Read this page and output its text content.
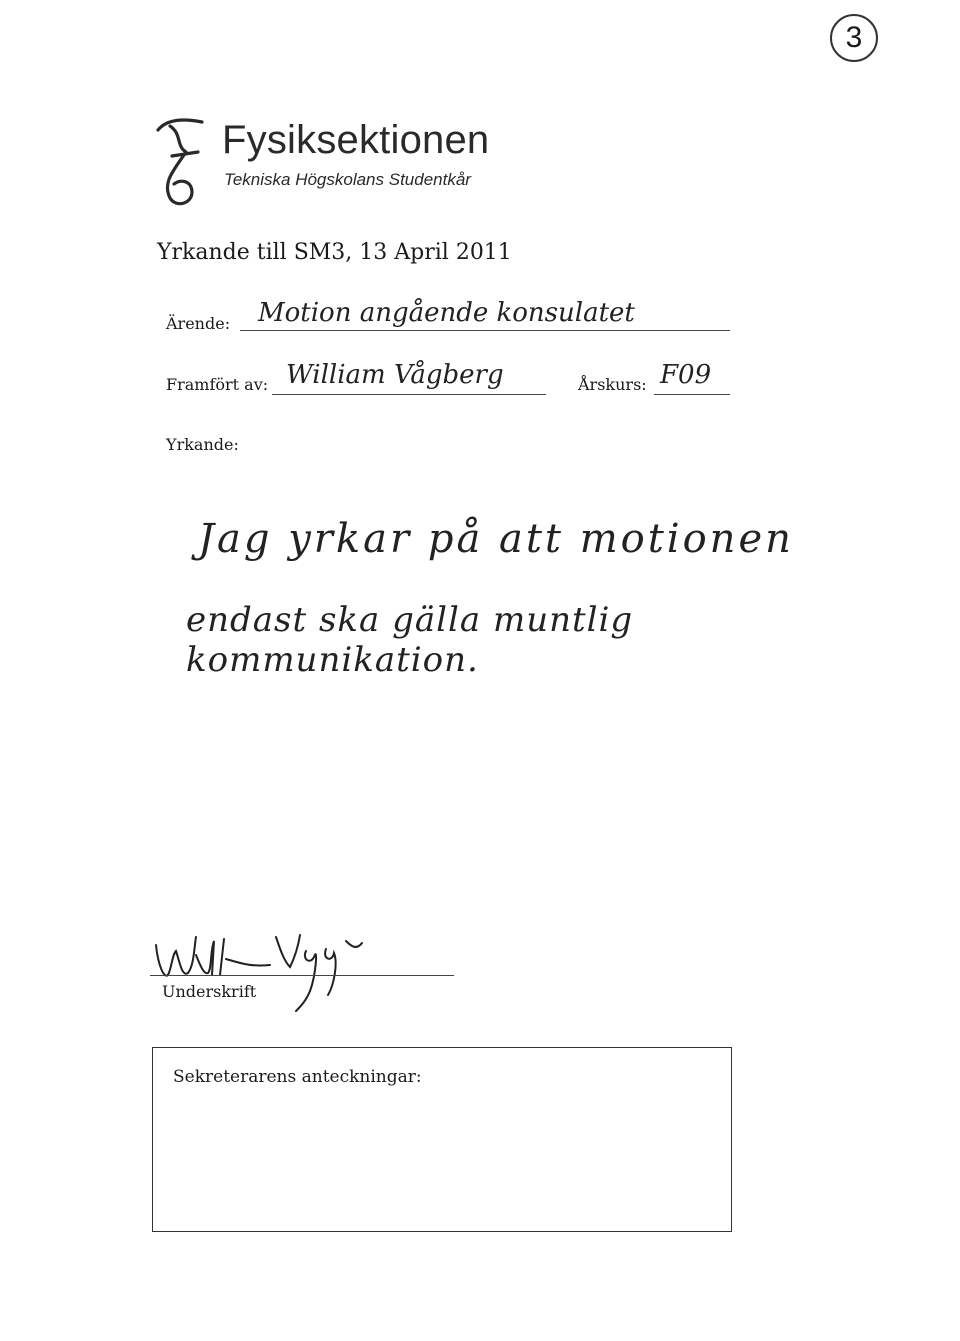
3
Fysiksektionen
Tekniska Högskolans Studentkår
Yrkande till SM3, 13 April 2011
Ärende: Motion angående konsulatet
Framfört av: William Vågberg	Årskurs: F09
Yrkande:
Jag yrkar på att motionen
endast ska gälla muntlig kommunikation.
Underskrift
Sekreterarens anteckningar:
